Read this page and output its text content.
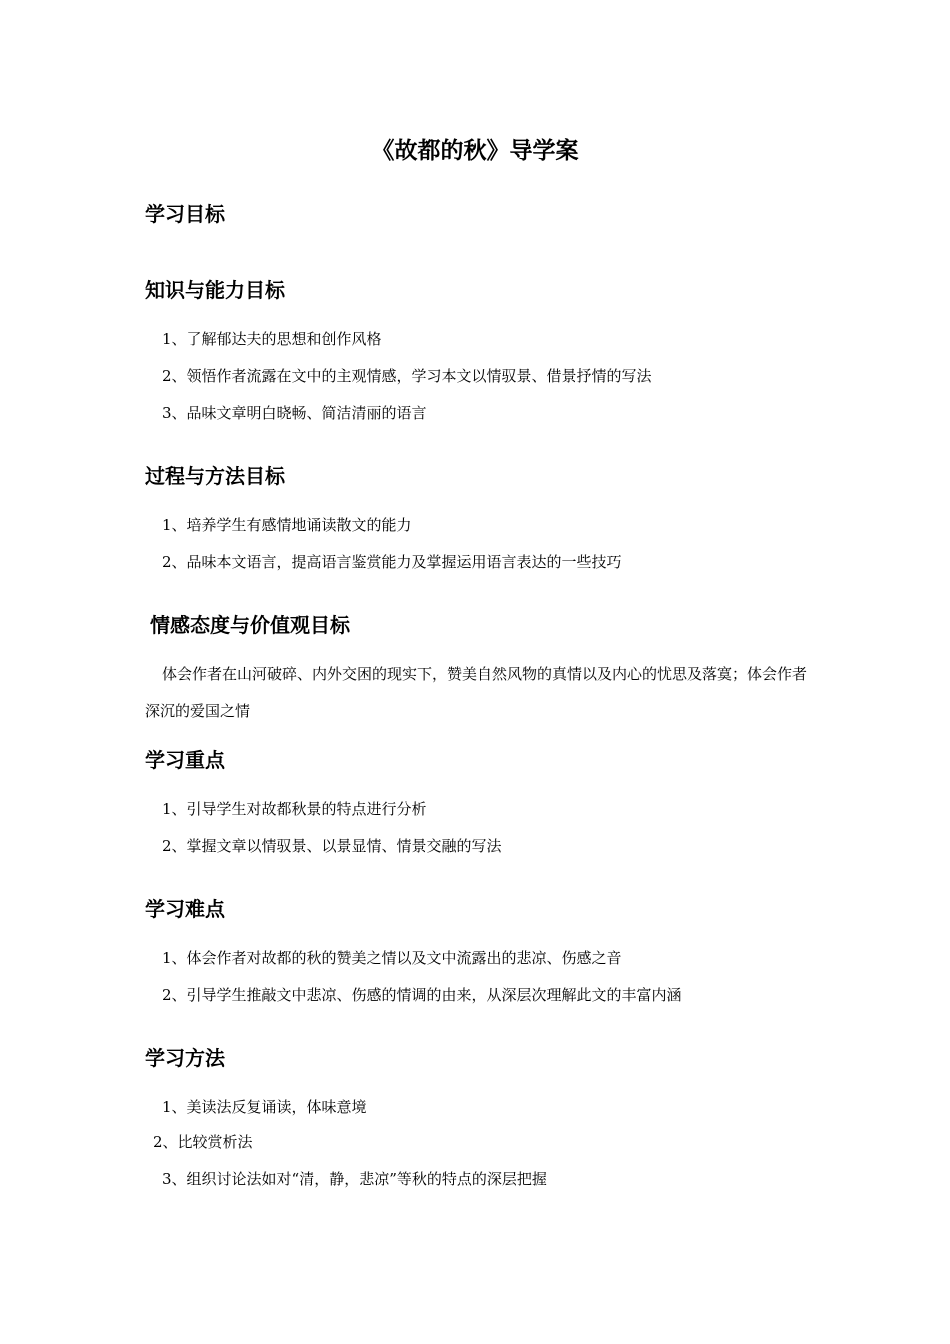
《故都的秋》导学案
学习目标
知识与能力目标

1、了解郁达夫的思想和创作风格

2、领悟作者流露在文中的主观情感，学习本文以情驭景、借景抒情的写法

3、品味文章明白晓畅、简洁清丽的语言

过程与方法目标

1、培养学生有感情地诵读散文的能力

2、品味本文语言，提高语言鉴赏能力及掌握运用语言表达的一些技巧

情感态度与价值观目标

体会作者在山河破碎、内外交困的现实下，赞美自然风物的真情以及内心的忧思及落寞；体会作者深沉的爱国之情

学习重点

1、引导学生对故都秋景的特点进行分析

2、掌握文章以情驭景、以景显情、情景交融的写法

学习难点

1、体会作者对故都的秋的赞美之情以及文中流露出的悲凉、伤感之音

2、引导学生推敲文中悲凉、伤感的情调的由来，从深层次理解此文的丰富内涵

学习方法

1、美读法反复诵读，体味意境

2、比较赏析法

3、组织讨论法如对“清，静，悲凉”等秋的特点的深层把握
